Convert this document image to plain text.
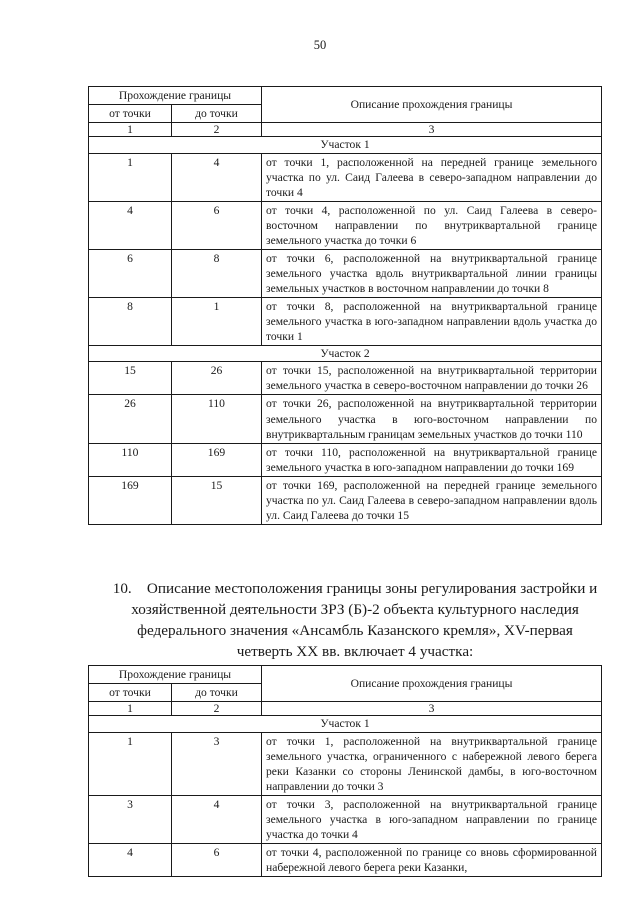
50
Прохождение границы		Описание прохождения границы
от точки	до точки	
1	2	3
Участок 1		
1	4	от точки 1, расположенной на передней границе земельного участка по ул. Саид Галеева в северо-западном направлении до точки 4
4	6	от точки 4, расположенной по ул. Саид Галеева в северо-восточном направлении по внутриквартальной границе земельного участка до точки 6
6	8	от точки 6, расположенной на внутриквартальной границе земельного участка вдоль внутриквартальной линии границы земельных участков в восточном направлении до точки 8
8	1	от точки 8, расположенной на внутриквартальной границе земельного участка в юго-западном направлении вдоль участка до точки 1
Участок 2		
15	26	от точки 15, расположенной на внутриквартальной территории земельного участка в северо-восточном направлении до точки 26
26	110	от точки 26, расположенной на внутриквартальной территории земельного участка в юго-восточном направлении по внутриквартальным границам земельных участков до точки 110
110	169	от точки 110, расположенной на внутриквартальной границе земельного участка в юго-западном направлении до точки 169
169	15	от точки 169, расположенной на передней границе земельного участка по ул. Саид Галеева в северо-западном направлении вдоль ул. Саид Галеева до точки 15
10. Описание местоположения границы зоны регулирования застройки и хозяйственной деятельности ЗРЗ (Б)-2 объекта культурного наследия федерального значения «Ансамбль Казанского кремля», XV-первая четверть XX вв. включает 4 участка:
Прохождение границы		Описание прохождения границы
от точки	до точки	
1	2	3
Участок 1		
1	3	от точки 1, расположенной на внутриквартальной границе земельного участка, ограниченного с набережной левого берега реки Казанки со стороны Ленинской дамбы, в юго-восточном направлении до точки 3
3	4	от точки 3, расположенной на внутриквартальной границе земельного участка в юго-западном направлении по границе участка до точки 4
4	6	от точки 4, расположенной по границе со вновь сформированной набережной левого берега реки Казанки,
